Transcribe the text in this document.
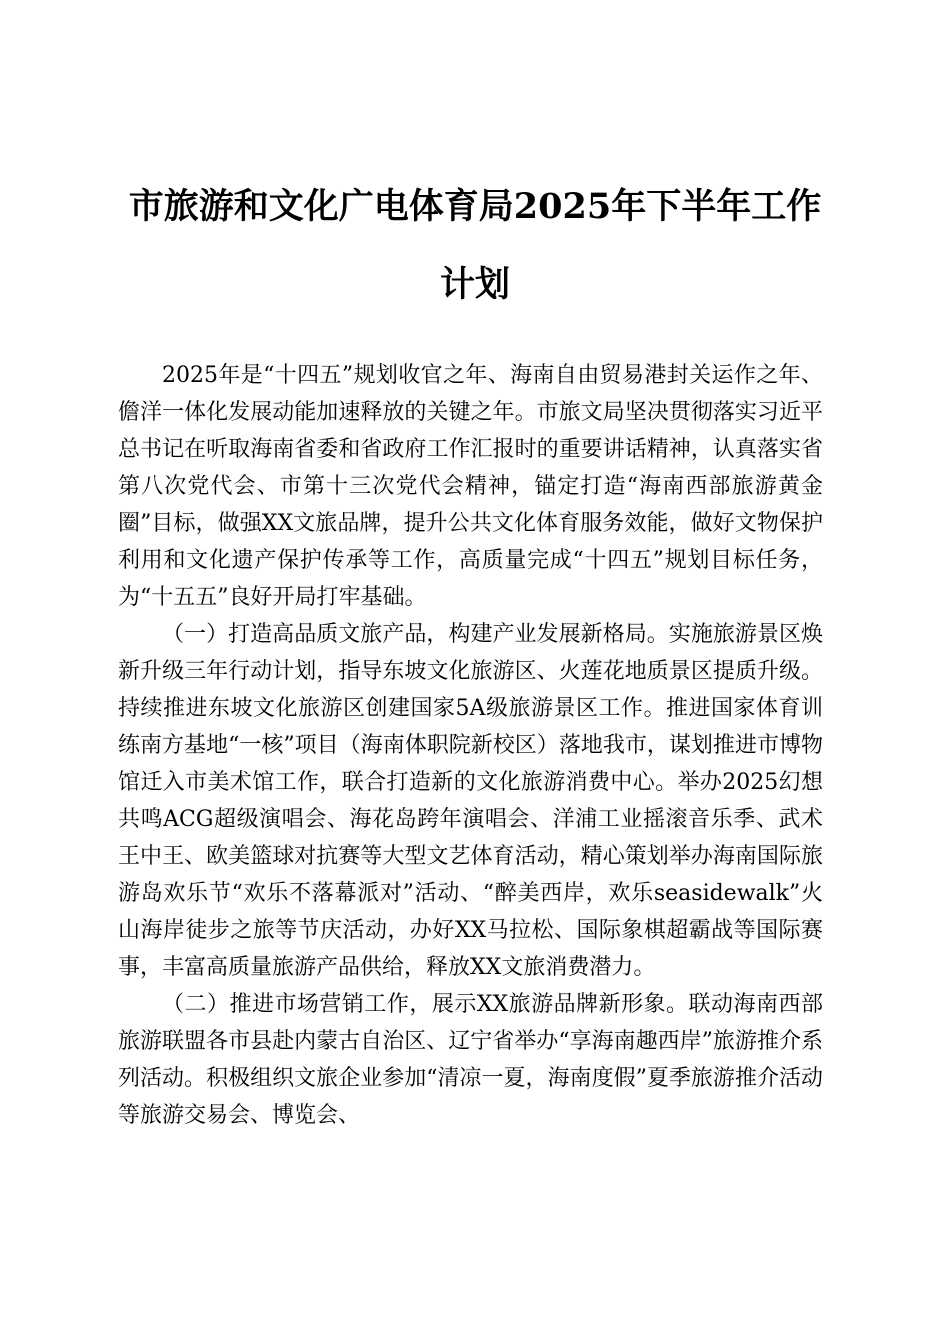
市旅游和文化广电体育局2025年下半年工作计划

2025年是“十四五”规划收官之年、海南自由贸易港封关运作之年、儋洋一体化发展动能加速释放的关键之年。市旅文局坚决贯彻落实习近平总书记在听取海南省委和省政府工作汇报时的重要讲话精神，认真落实省第八次党代会、市第十三次党代会精神，锚定打造“海南西部旅游黄金圈”目标，做强XX文旅品牌，提升公共文化体育服务效能，做好文物保护利用和文化遗产保护传承等工作，高质量完成“十四五”规划目标任务，为“十五五”良好开局打牢基础。

（一）打造高品质文旅产品，构建产业发展新格局。实施旅游景区焕新升级三年行动计划，指导东坡文化旅游区、火莲花地质景区提质升级。持续推进东坡文化旅游区创建国家5A级旅游景区工作。推进国家体育训练南方基地“一核”项目（海南体职院新校区）落地我市，谋划推进市博物馆迁入市美术馆工作，联合打造新的文化旅游消费中心。举办2025幻想共鸣ACG超级演唱会、海花岛跨年演唱会、洋浦工业摇滚音乐季、武术王中王、欧美篮球对抗赛等大型文艺体育活动，精心策划举办海南国际旅游岛欢乐节“欢乐不落幕派对”活动、“醉美西岸，欢乐seasidewalk”火山海岸徒步之旅等节庆活动，办好XX马拉松、国际象棋超霸战等国际赛事，丰富高质量旅游产品供给，释放XX文旅消费潜力。

（二）推进市场营销工作，展示XX旅游品牌新形象。联动海南西部旅游联盟各市县赴内蒙古自治区、辽宁省举办“享海南趣西岸”旅游推介系列活动。积极组织文旅企业参加“清凉一夏，海南度假”夏季旅游推介活动等旅游交易会、博览会、
